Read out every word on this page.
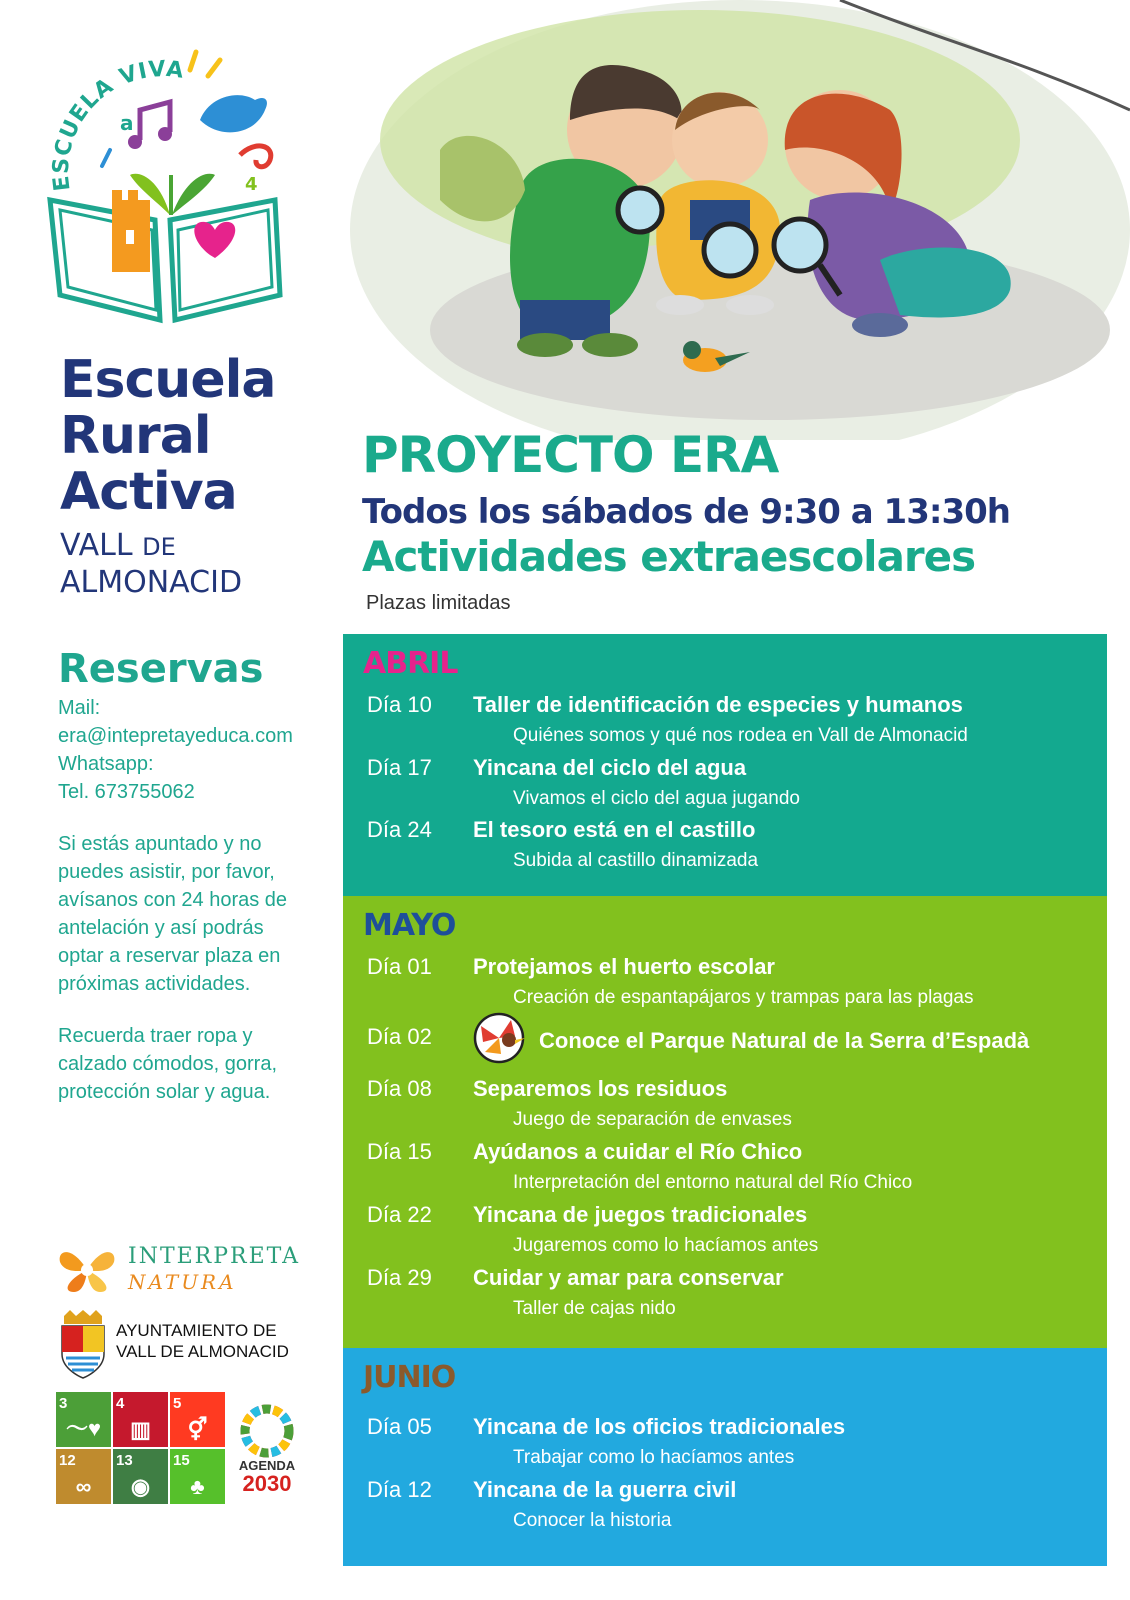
ESCUELA VIVA
a
4
Escuela
Rural
Activa
VALL DE
ALMONACID
Reservas
Mail:
era@intepretayeduca.com
Whatsapp:
Tel. 673755062
Si estás apuntado y no
puedes asistir, por favor,
avísanos con 24 horas de
antelación y así podrás
optar a reservar plaza en
próximas actividades.
Recuerda traer ropa y
calzado cómodos, gorra,
protección solar y agua.
INTERPRETA
NATURA
AYUNTAMIENTO DE
VALL DE ALMONACID
3
〜♥
4
▥
5
⚥
12
∞
13
◉
15
♣
AGENDA
2030
PROYECTO ERA
Todos los sábados de 9:30 a 13:30h
Actividades extraescolares
Plazas limitadas
ABRIL
Día 10 Taller de identificación de especies y humanos
Quiénes somos y qué nos rodea en Vall de Almonacid
Día 17 Yincana del ciclo del agua
Vivamos el ciclo del agua jugando
Día 24 El tesoro está en el castillo
Subida al castillo dinamizada
MAYO
Día 01 Protejamos el huerto escolar
Creación de espantapájaros y trampas para las plagas
Día 02	Conoce el Parque Natural de la Serra d’Espadà
Día 08 Separemos los residuos
Juego de separación de envases
Día 15 Ayúdanos a cuidar el Río Chico
Interpretación del entorno natural del Río Chico
Día 22 Yincana de juegos tradicionales
Jugaremos como lo hacíamos antes
Día 29 Cuidar y amar para conservar
Taller de cajas nido
JUNIO
Día 05 Yincana de los oficios tradicionales
Trabajar como lo hacíamos antes
Día 12 Yincana de la guerra civil
Conocer la historia
